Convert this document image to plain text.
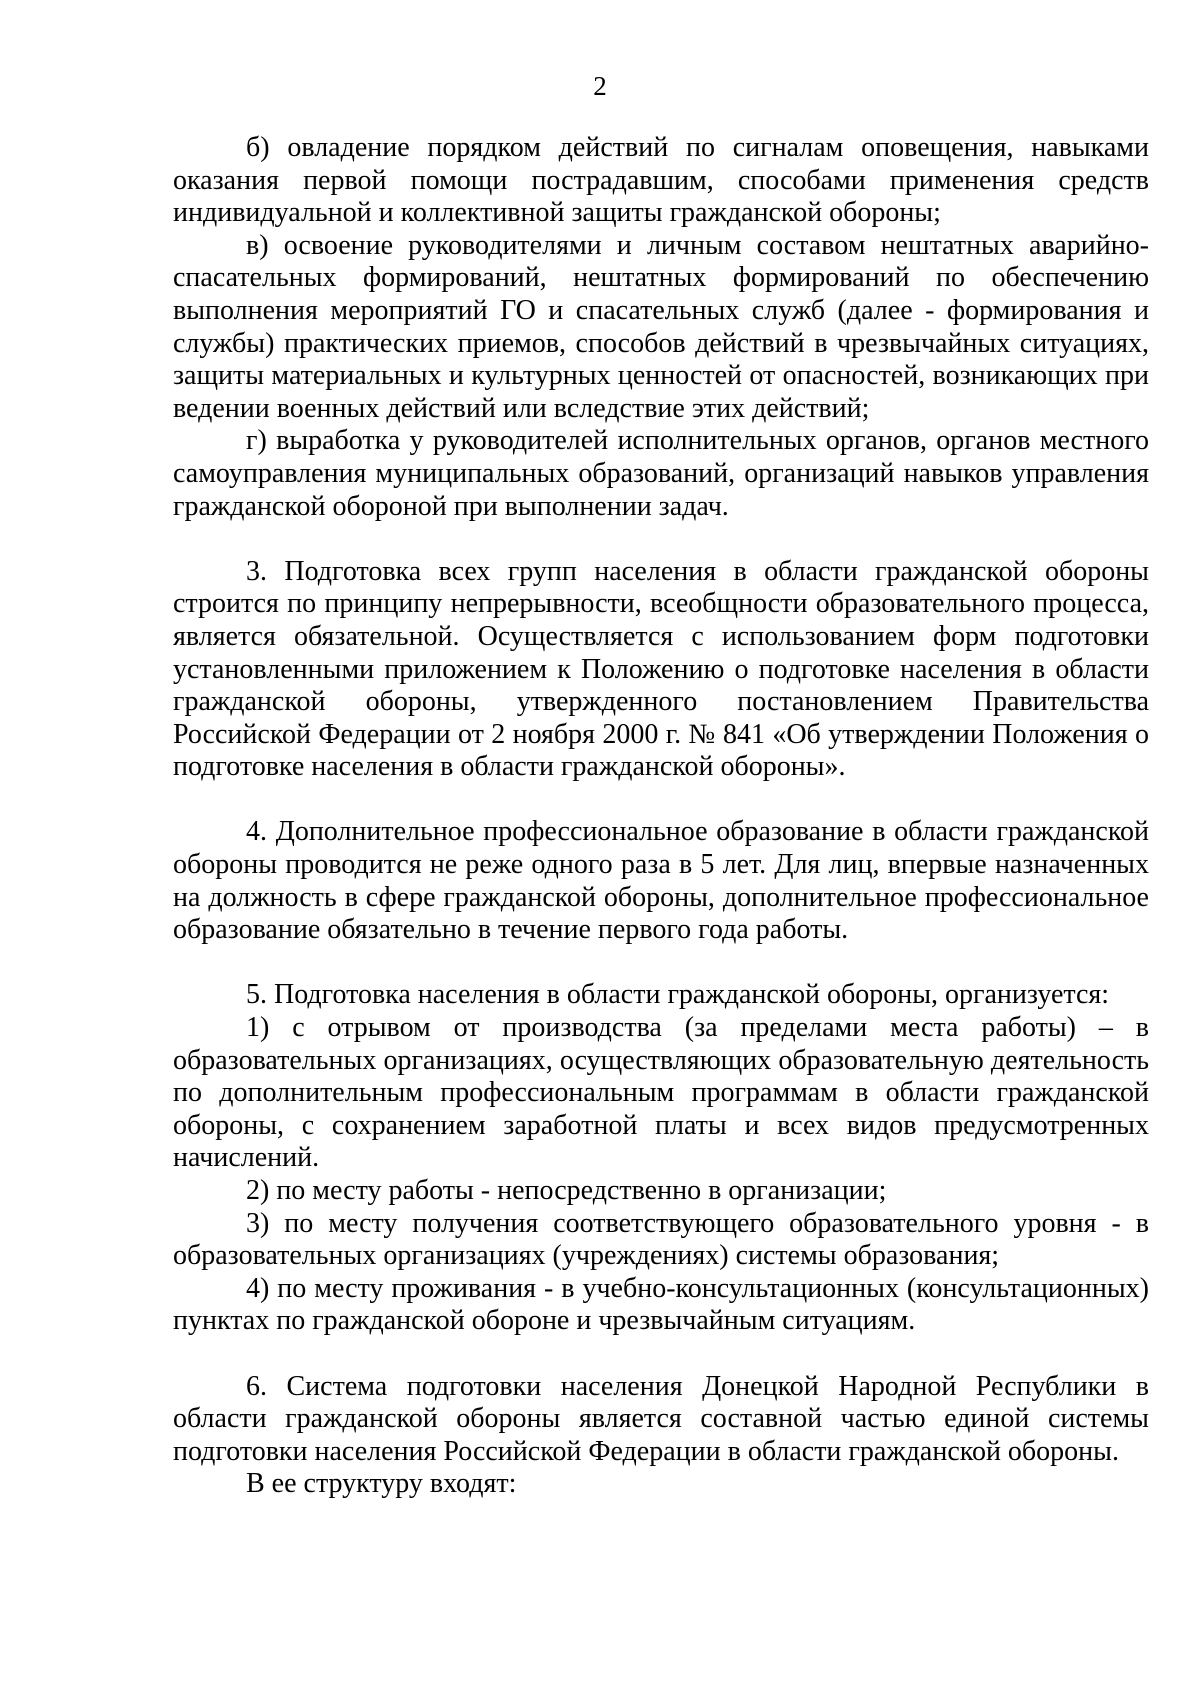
2

б) овладение порядком действий по сигналам оповещения, навыками оказания первой помощи пострадавшим, способами применения средств индивидуальной и коллективной защиты гражданской обороны;

в) освоение руководителями и личным составом нештатных аварийно-спасательных формирований, нештатных формирований по обеспечению выполнения мероприятий ГО и спасательных служб (далее - формирования и службы) практических приемов, способов действий в чрезвычайных ситуациях, защиты материальных и культурных ценностей от опасностей, возникающих при ведении военных действий или вследствие этих действий;

г) выработка у руководителей исполнительных органов, органов местного самоуправления муниципальных образований, организаций навыков управления гражданской обороной при выполнении задач.

3. Подготовка всех групп населения в области гражданской обороны строится по принципу непрерывности, всеобщности образовательного процесса, является обязательной. Осуществляется с использованием форм подготовки установленными приложением к Положению о подготовке населения в области гражданской обороны, утвержденного постановлением Правительства Российской Федерации от 2 ноября 2000 г. № 841 «Об утверждении Положения о подготовке населения в области гражданской обороны».

4. Дополнительное профессиональное образование в области гражданской обороны проводится не реже одного раза в 5 лет. Для лиц, впервые назначенных на должность в сфере гражданской обороны, дополнительное профессиональное образование обязательно в течение первого года работы.

5. Подготовка населения в области гражданской обороны, организуется:

1) с отрывом от производства (за пределами места работы) – в образовательных организациях, осуществляющих образовательную деятельность по дополнительным профессиональным программам в области гражданской обороны, с сохранением заработной платы и всех видов предусмотренных начислений.

2) по месту работы - непосредственно в организации;

3) по месту получения соответствующего образовательного уровня - в образовательных организациях (учреждениях) системы образования;

4) по месту проживания - в учебно-консультационных (консультационных) пунктах по гражданской обороне и чрезвычайным ситуациям.

6. Система подготовки населения Донецкой Народной Республики в области гражданской обороны является составной частью единой системы подготовки населения Российской Федерации в области гражданской обороны.

В ее структуру входят:
